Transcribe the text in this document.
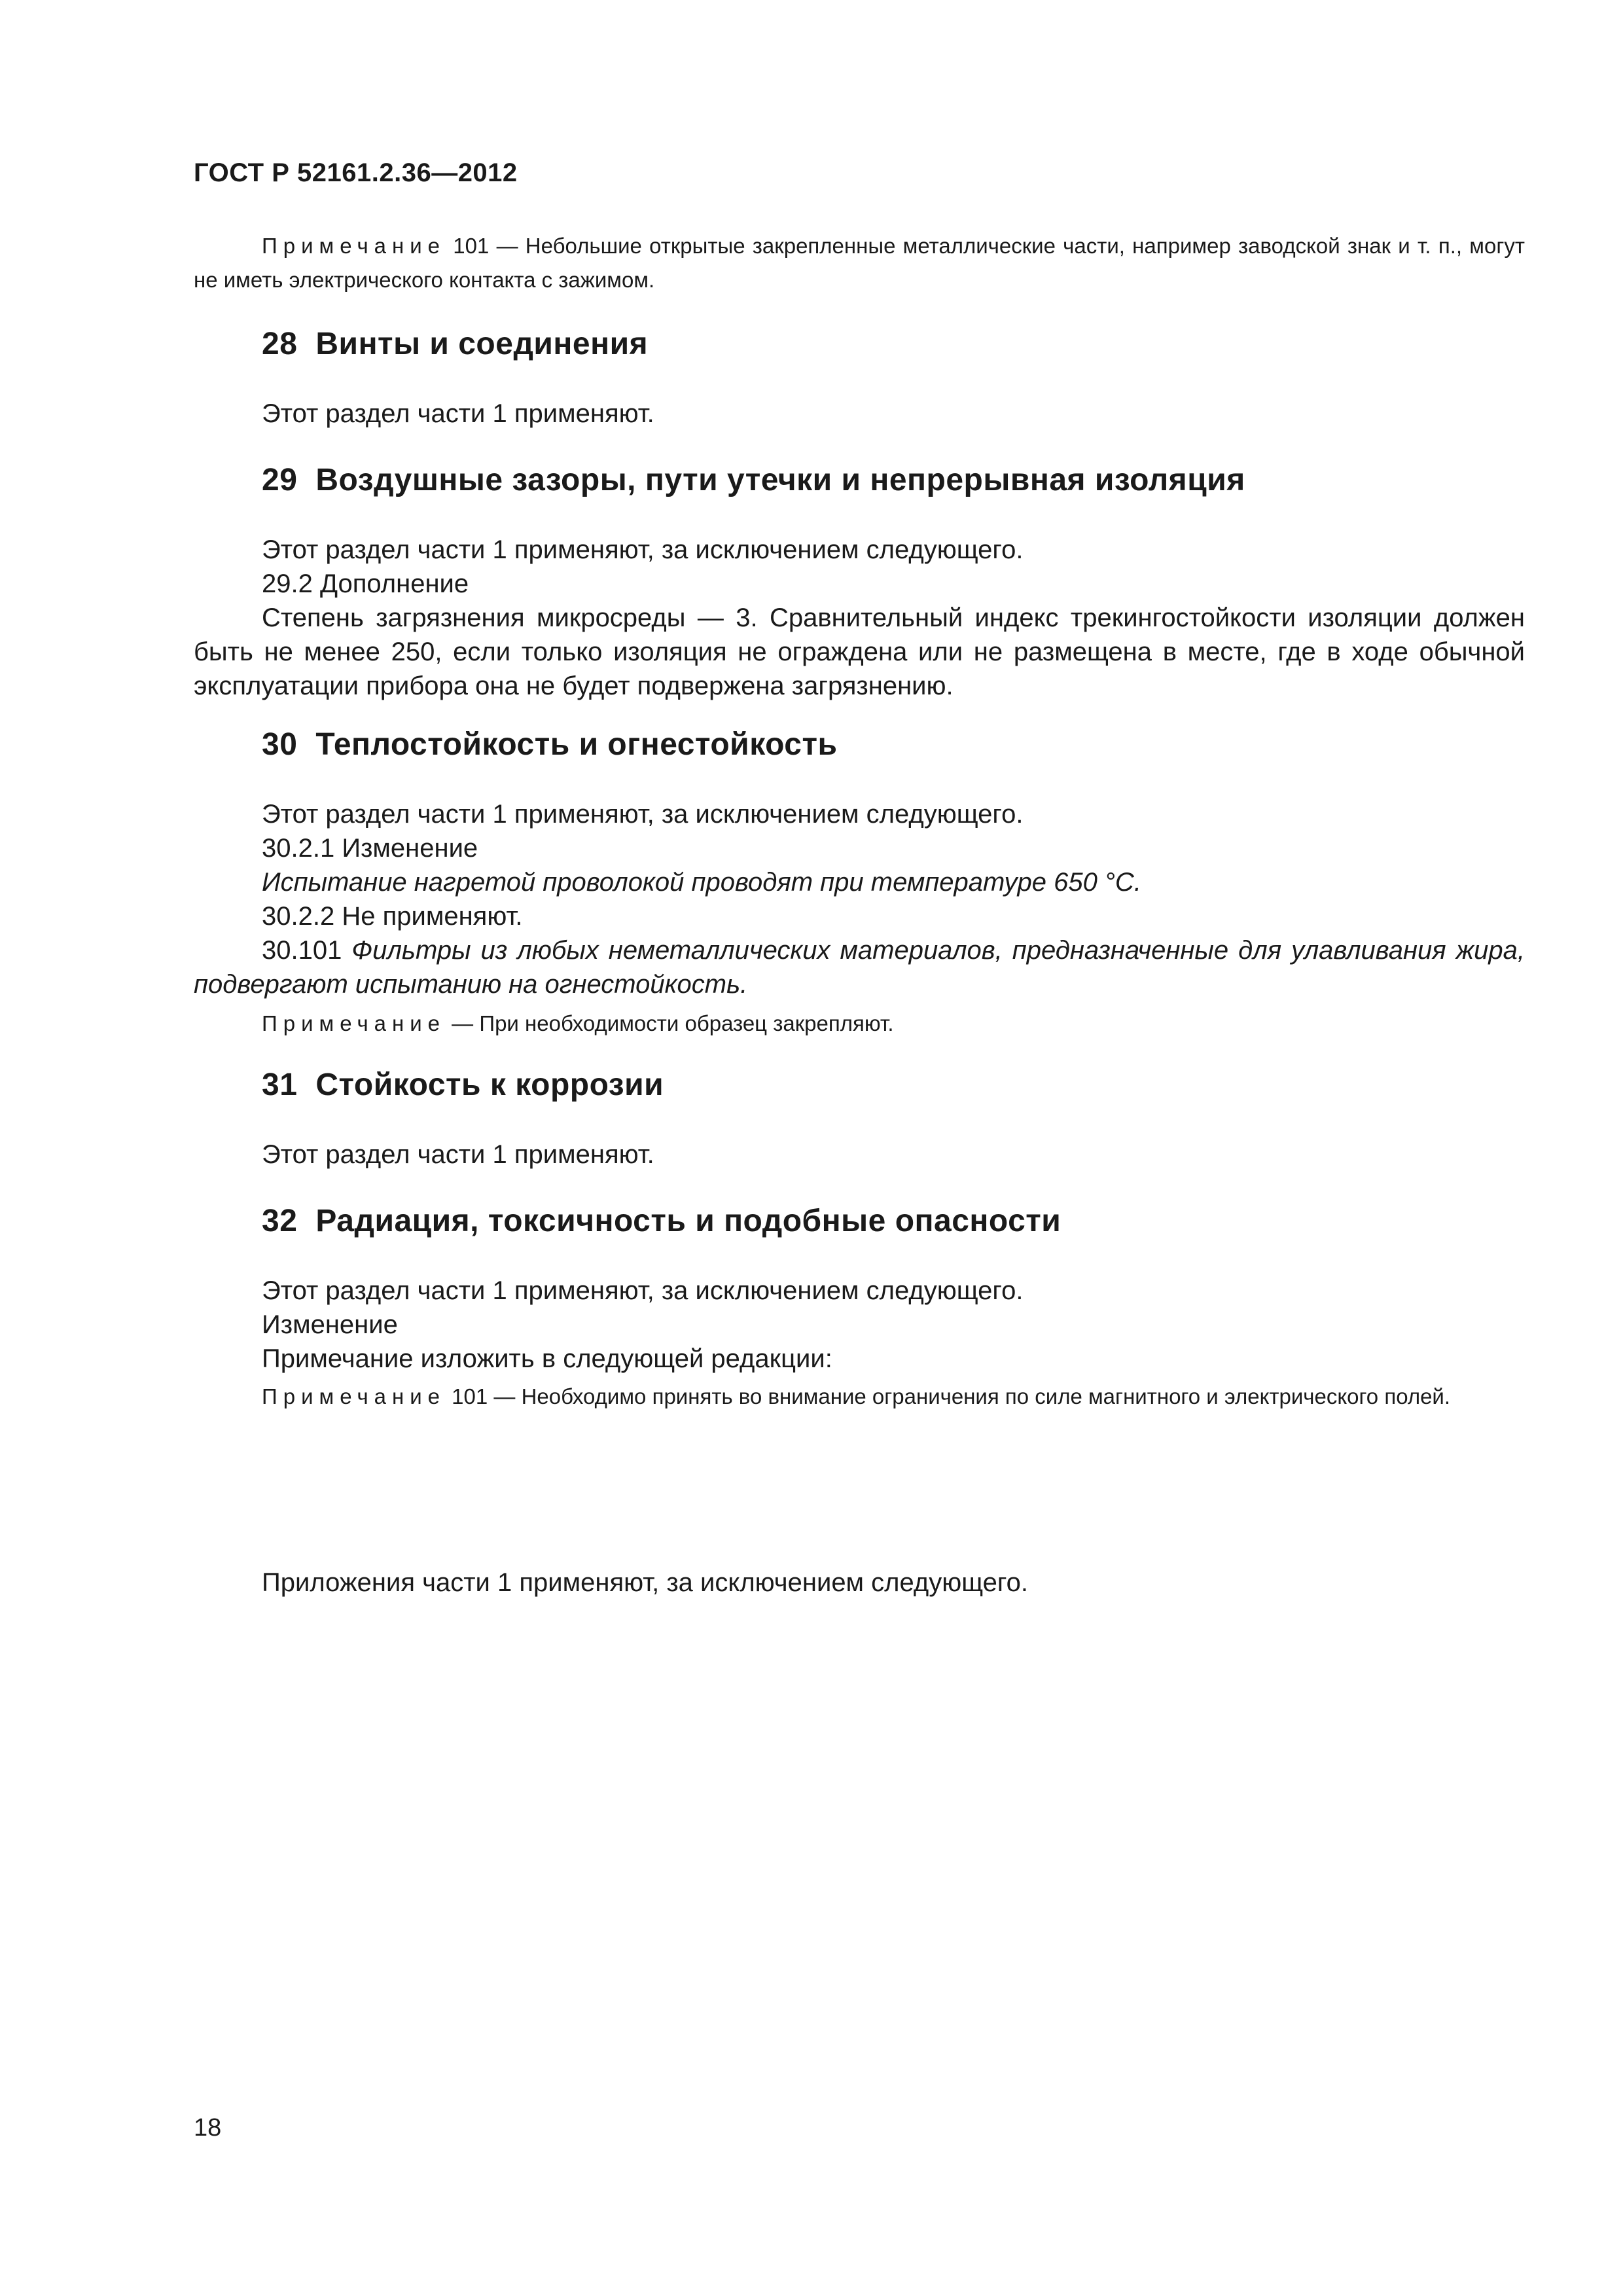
ГОСТ Р 52161.2.36—2012

Примечание 101 — Небольшие открытые закрепленные металлические части, например заводской знак и т. п., могут не иметь электрического контакта с зажимом.

28 Винты и соединения
Этот раздел части 1 применяют.
29 Воздушные зазоры, пути утечки и непрерывная изоляция
Этот раздел части 1 применяют, за исключением следующего.
29.2 Дополнение

Степень загрязнения микросреды — 3. Сравнительный индекс трекингостойкости изоляции должен быть не менее 250, если только изоляция не ограждена или не размещена в месте, где в ходе обычной эксплуатации прибора она не будет подвержена загрязнению.

30 Теплостойкость и огнестойкость
Этот раздел части 1 применяют, за исключением следующего.
30.2.1 Изменение
Испытание нагретой проволокой проводят при температуре 650 °С.
30.2.2 Не применяют.

30.101 Фильтры из любых неметаллических материалов, предназначенные для улавливания жира, подвергают испытанию на огнестойкость.

Примечание — При необходимости образец закрепляют.

31 Стойкость к коррозии
Этот раздел части 1 применяют.
32 Радиация, токсичность и подобные опасности
Этот раздел части 1 применяют, за исключением следующего.
Изменение
Примечание изложить в следующей редакции:

Примечание 101 — Необходимо принять во внимание ограничения по силе магнитного и электрического полей.

Приложения части 1 применяют, за исключением следующего.
18
